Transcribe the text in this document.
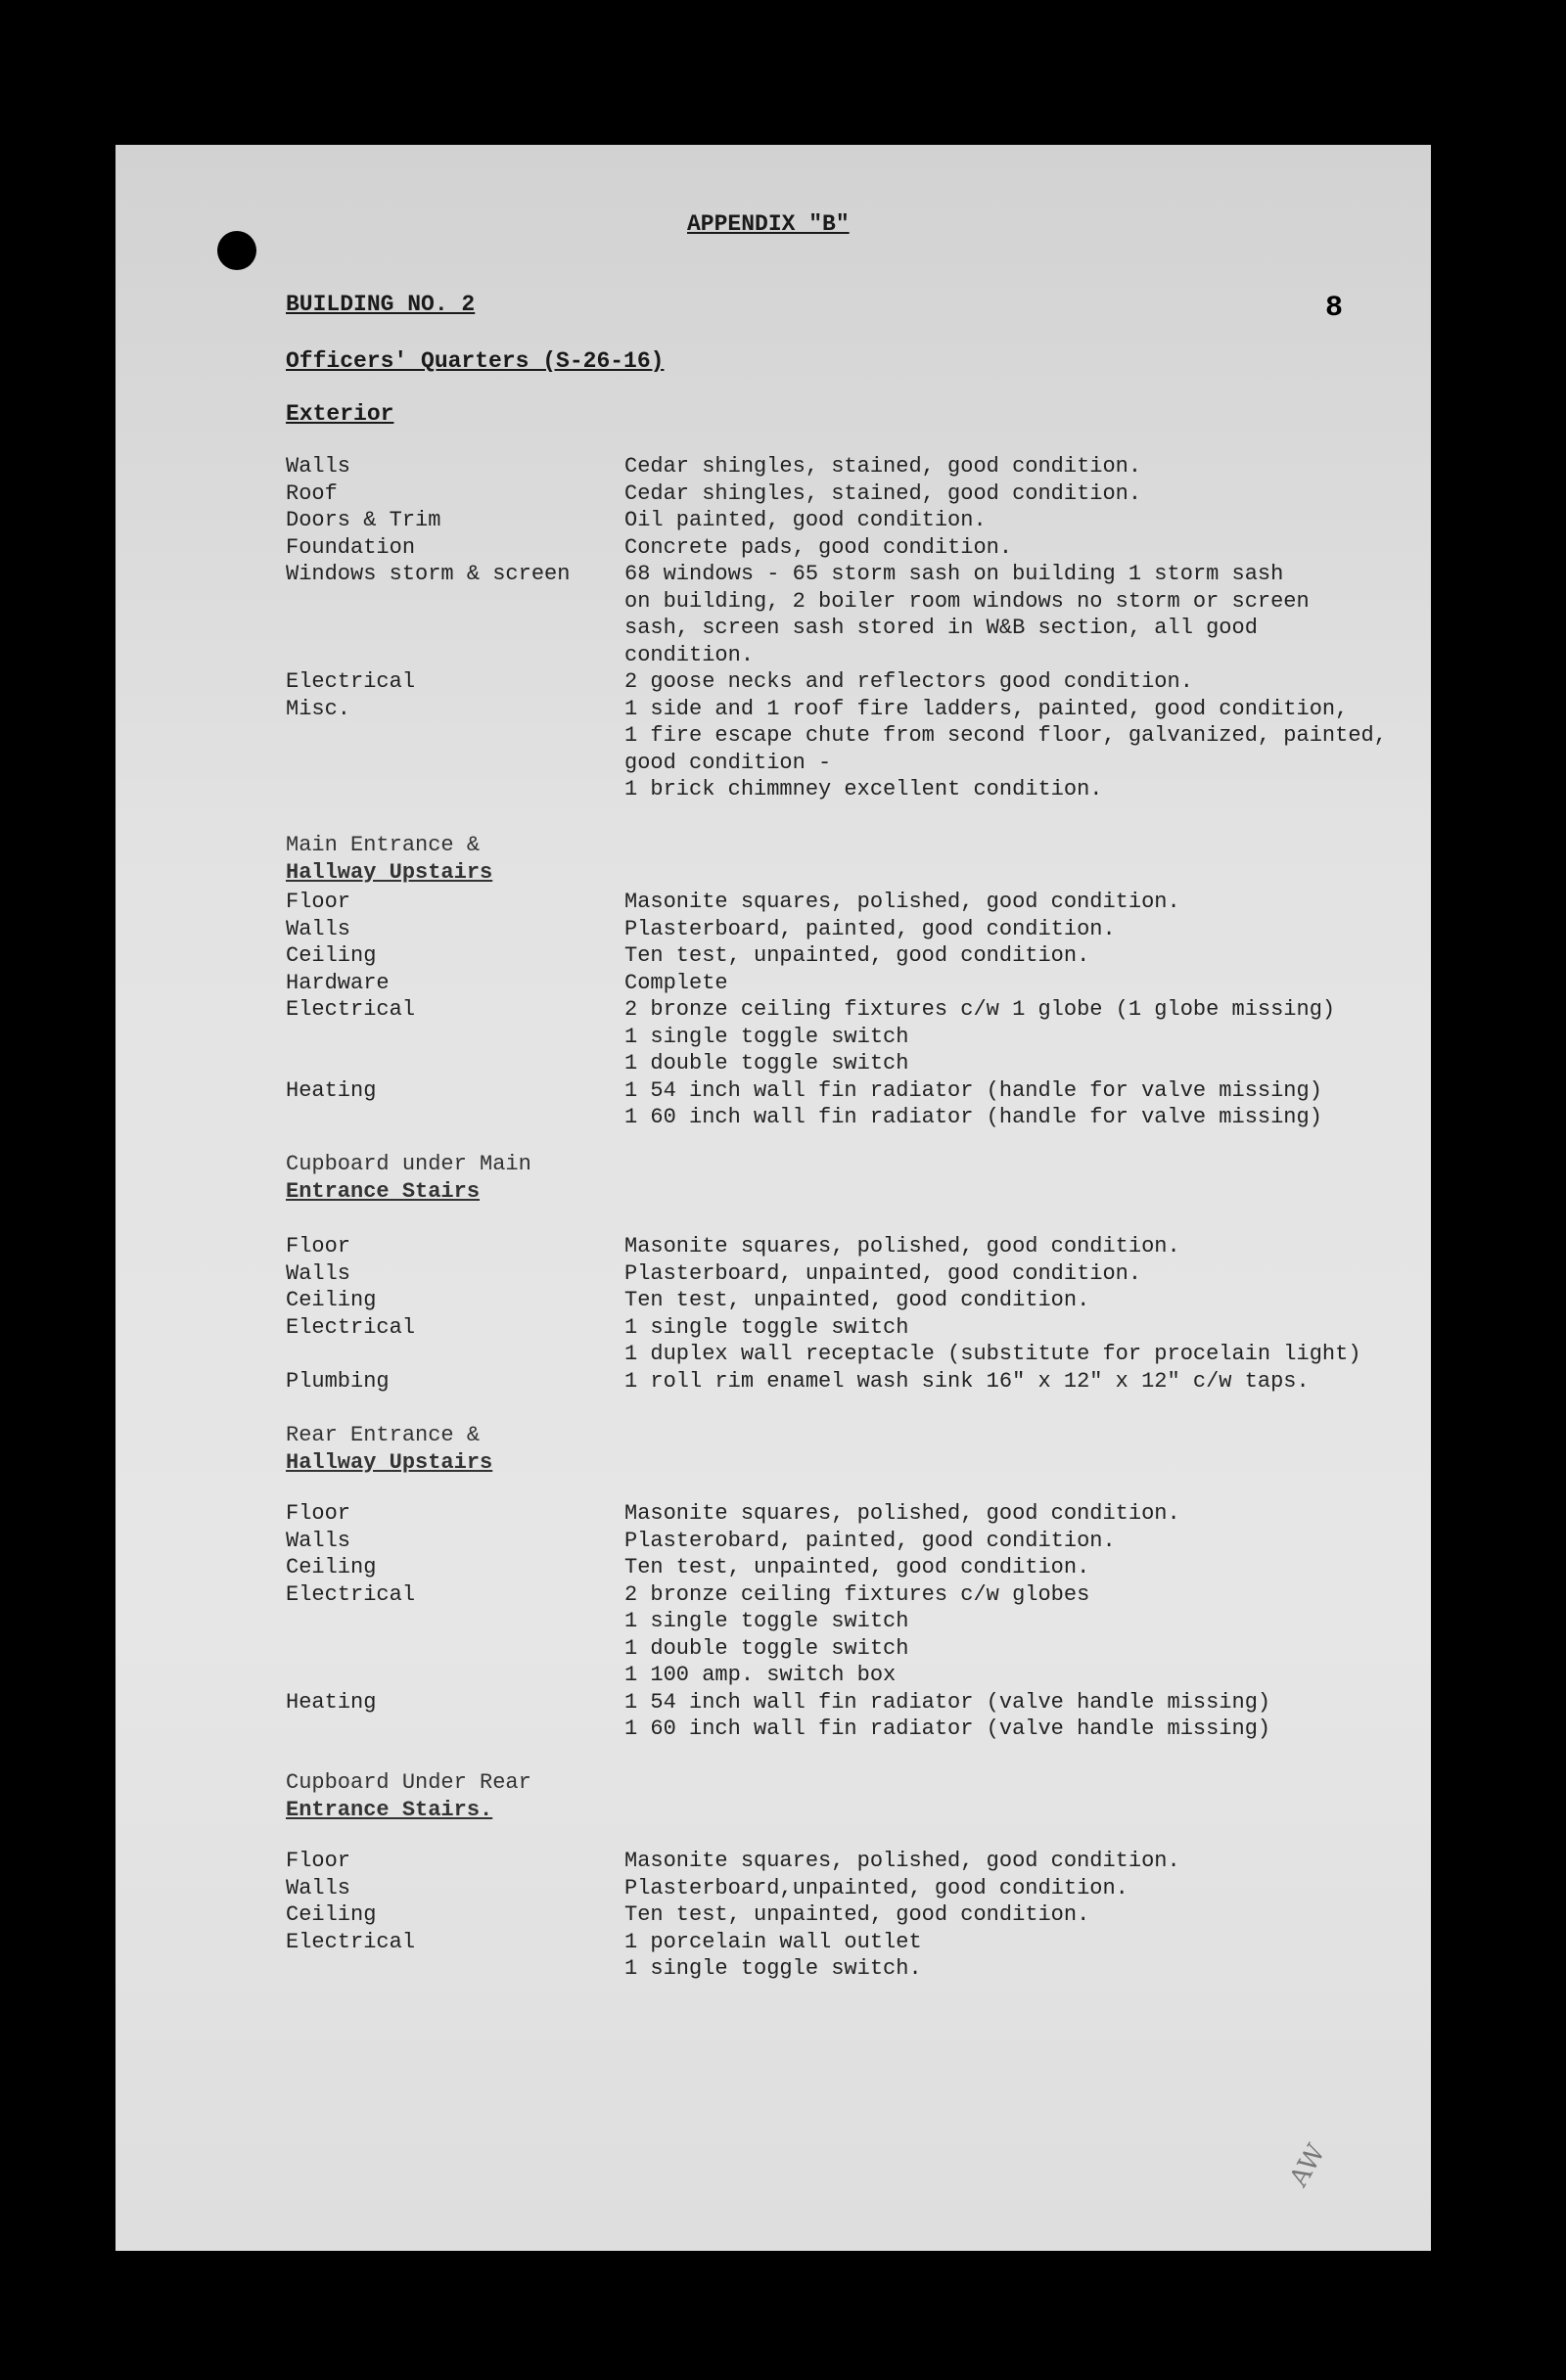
APPENDIX "B"
BUILDING NO. 2	8
Officers' Quarters (S-26-16)
Exterior
Walls	Cedar shingles, stained, good condition.
Roof	Cedar shingles, stained, good condition.
Doors & Trim	Oil painted, good condition.
Foundation	Concrete pads, good condition.
Windows storm & screen	68 windows - 65 storm sash on building 1 storm sash
on building, 2 boiler room windows no storm or screen
sash, screen sash stored in W&B section, all good
condition.
Electrical	2 goose necks and reflectors good condition.
Misc.	1 side and 1 roof fire ladders, painted, good condition,
1 fire escape chute from second floor, galvanized, painted,
good condition -
1 brick chimmney excellent condition.
Main Entrance &
Hallway Upstairs
Floor	Masonite squares, polished, good condition.
Walls	Plasterboard, painted, good condition.
Ceiling	Ten test, unpainted, good condition.
Hardware	Complete
Electrical	2 bronze ceiling fixtures c/w 1 globe (1 globe missing)
1 single toggle switch
1 double toggle switch
Heating	1 54 inch wall fin radiator (handle for valve missing)
1 60 inch wall fin radiator (handle for valve missing)
Cupboard under Main
Entrance Stairs
Floor	Masonite squares, polished, good condition.
Walls	Plasterboard, unpainted, good condition.
Ceiling	Ten test, unpainted, good condition.
Electrical	1 single toggle switch
1 duplex wall receptacle (substitute for procelain light)
Plumbing	1 roll rim enamel wash sink 16" x 12" x 12" c/w taps.
Rear Entrance &
Hallway Upstairs
Floor	Masonite squares, polished, good condition.
Walls	Plasterobard, painted, good condition.
Ceiling	Ten test, unpainted, good condition.
Electrical	2 bronze ceiling fixtures c/w globes
1 single toggle switch
1 double toggle switch
1 100 amp. switch box
Heating	1 54 inch wall fin radiator (valve handle missing)
1 60 inch wall fin radiator (valve handle missing)
Cupboard Under Rear
Entrance Stairs.
Floor	Masonite squares, polished, good condition.
Walls	Plasterboard,unpainted, good condition.
Ceiling	Ten test, unpainted, good condition.
Electrical	1 porcelain wall outlet
1 single toggle switch.
AW
